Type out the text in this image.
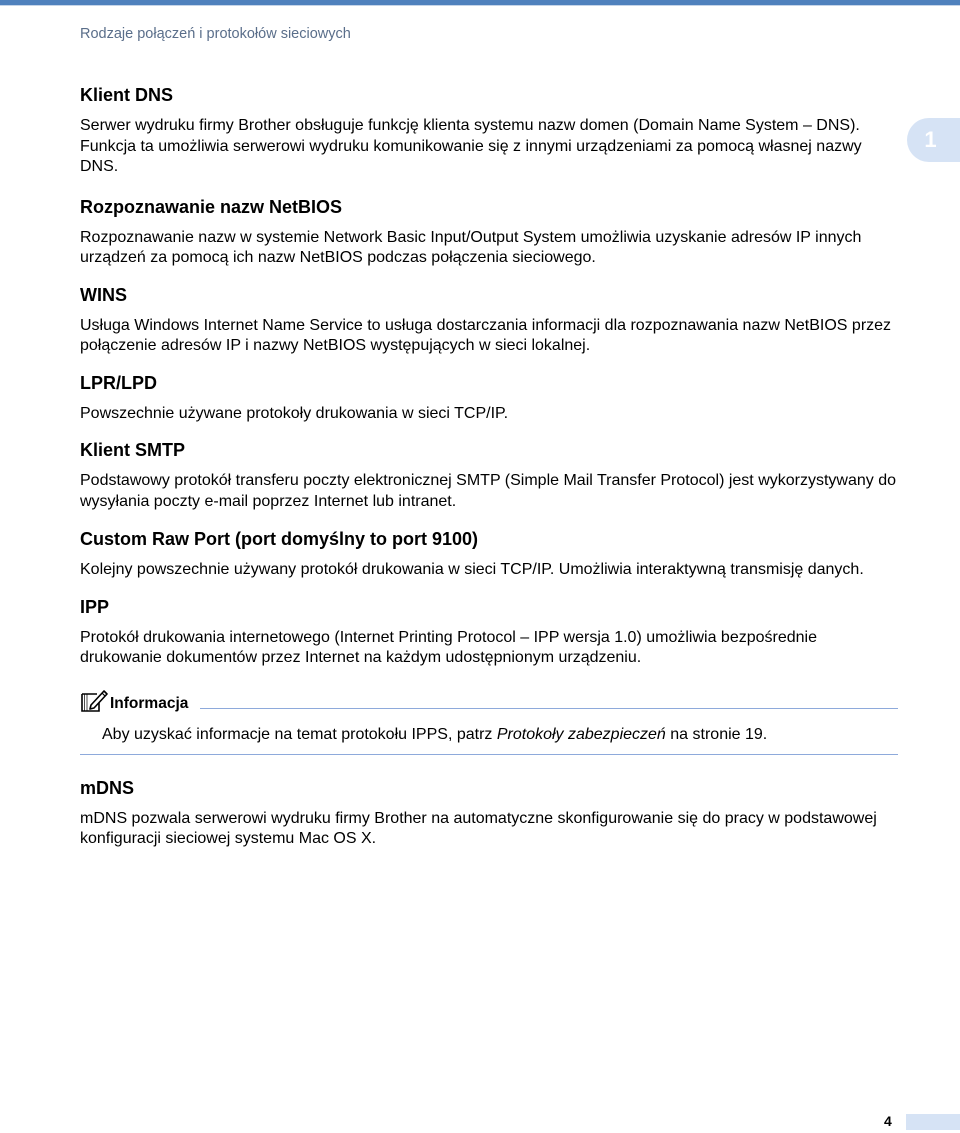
Rodzaje połączeń i protokołów sieciowych
1
Klient DNS

Serwer wydruku firmy Brother obsługuje funkcję klienta systemu nazw domen (Domain Name System – DNS). Funkcja ta umożliwia serwerowi wydruku komunikowanie się z innymi urządzeniami za pomocą własnej nazwy DNS.

Rozpoznawanie nazw NetBIOS

Rozpoznawanie nazw w systemie Network Basic Input/Output System umożliwia uzyskanie adresów IP innych urządzeń za pomocą ich nazw NetBIOS podczas połączenia sieciowego.

WINS

Usługa Windows Internet Name Service to usługa dostarczania informacji dla rozpoznawania nazw NetBIOS przez połączenie adresów IP i nazwy NetBIOS występujących w sieci lokalnej.

LPR/LPD

Powszechnie używane protokoły drukowania w sieci TCP/IP.

Klient SMTP

Podstawowy protokół transferu poczty elektronicznej SMTP (Simple Mail Transfer Protocol) jest wykorzystywany do wysyłania poczty e-mail poprzez Internet lub intranet.

Custom Raw Port (port domyślny to port 9100)

Kolejny powszechnie używany protokół drukowania w sieci TCP/IP. Umożliwia interaktywną transmisję danych.

IPP

Protokół drukowania internetowego (Internet Printing Protocol – IPP wersja 1.0) umożliwia bezpośrednie drukowanie dokumentów przez Internet na każdym udostępnionym urządzeniu.

Informacja
Aby uzyskać informacje na temat protokołu IPPS, patrz Protokoły zabezpieczeń na stronie 19.
mDNS

mDNS pozwala serwerowi wydruku firmy Brother na automatyczne skonfigurowanie się do pracy w podstawowej konfiguracji sieciowej systemu Mac OS X.

4
